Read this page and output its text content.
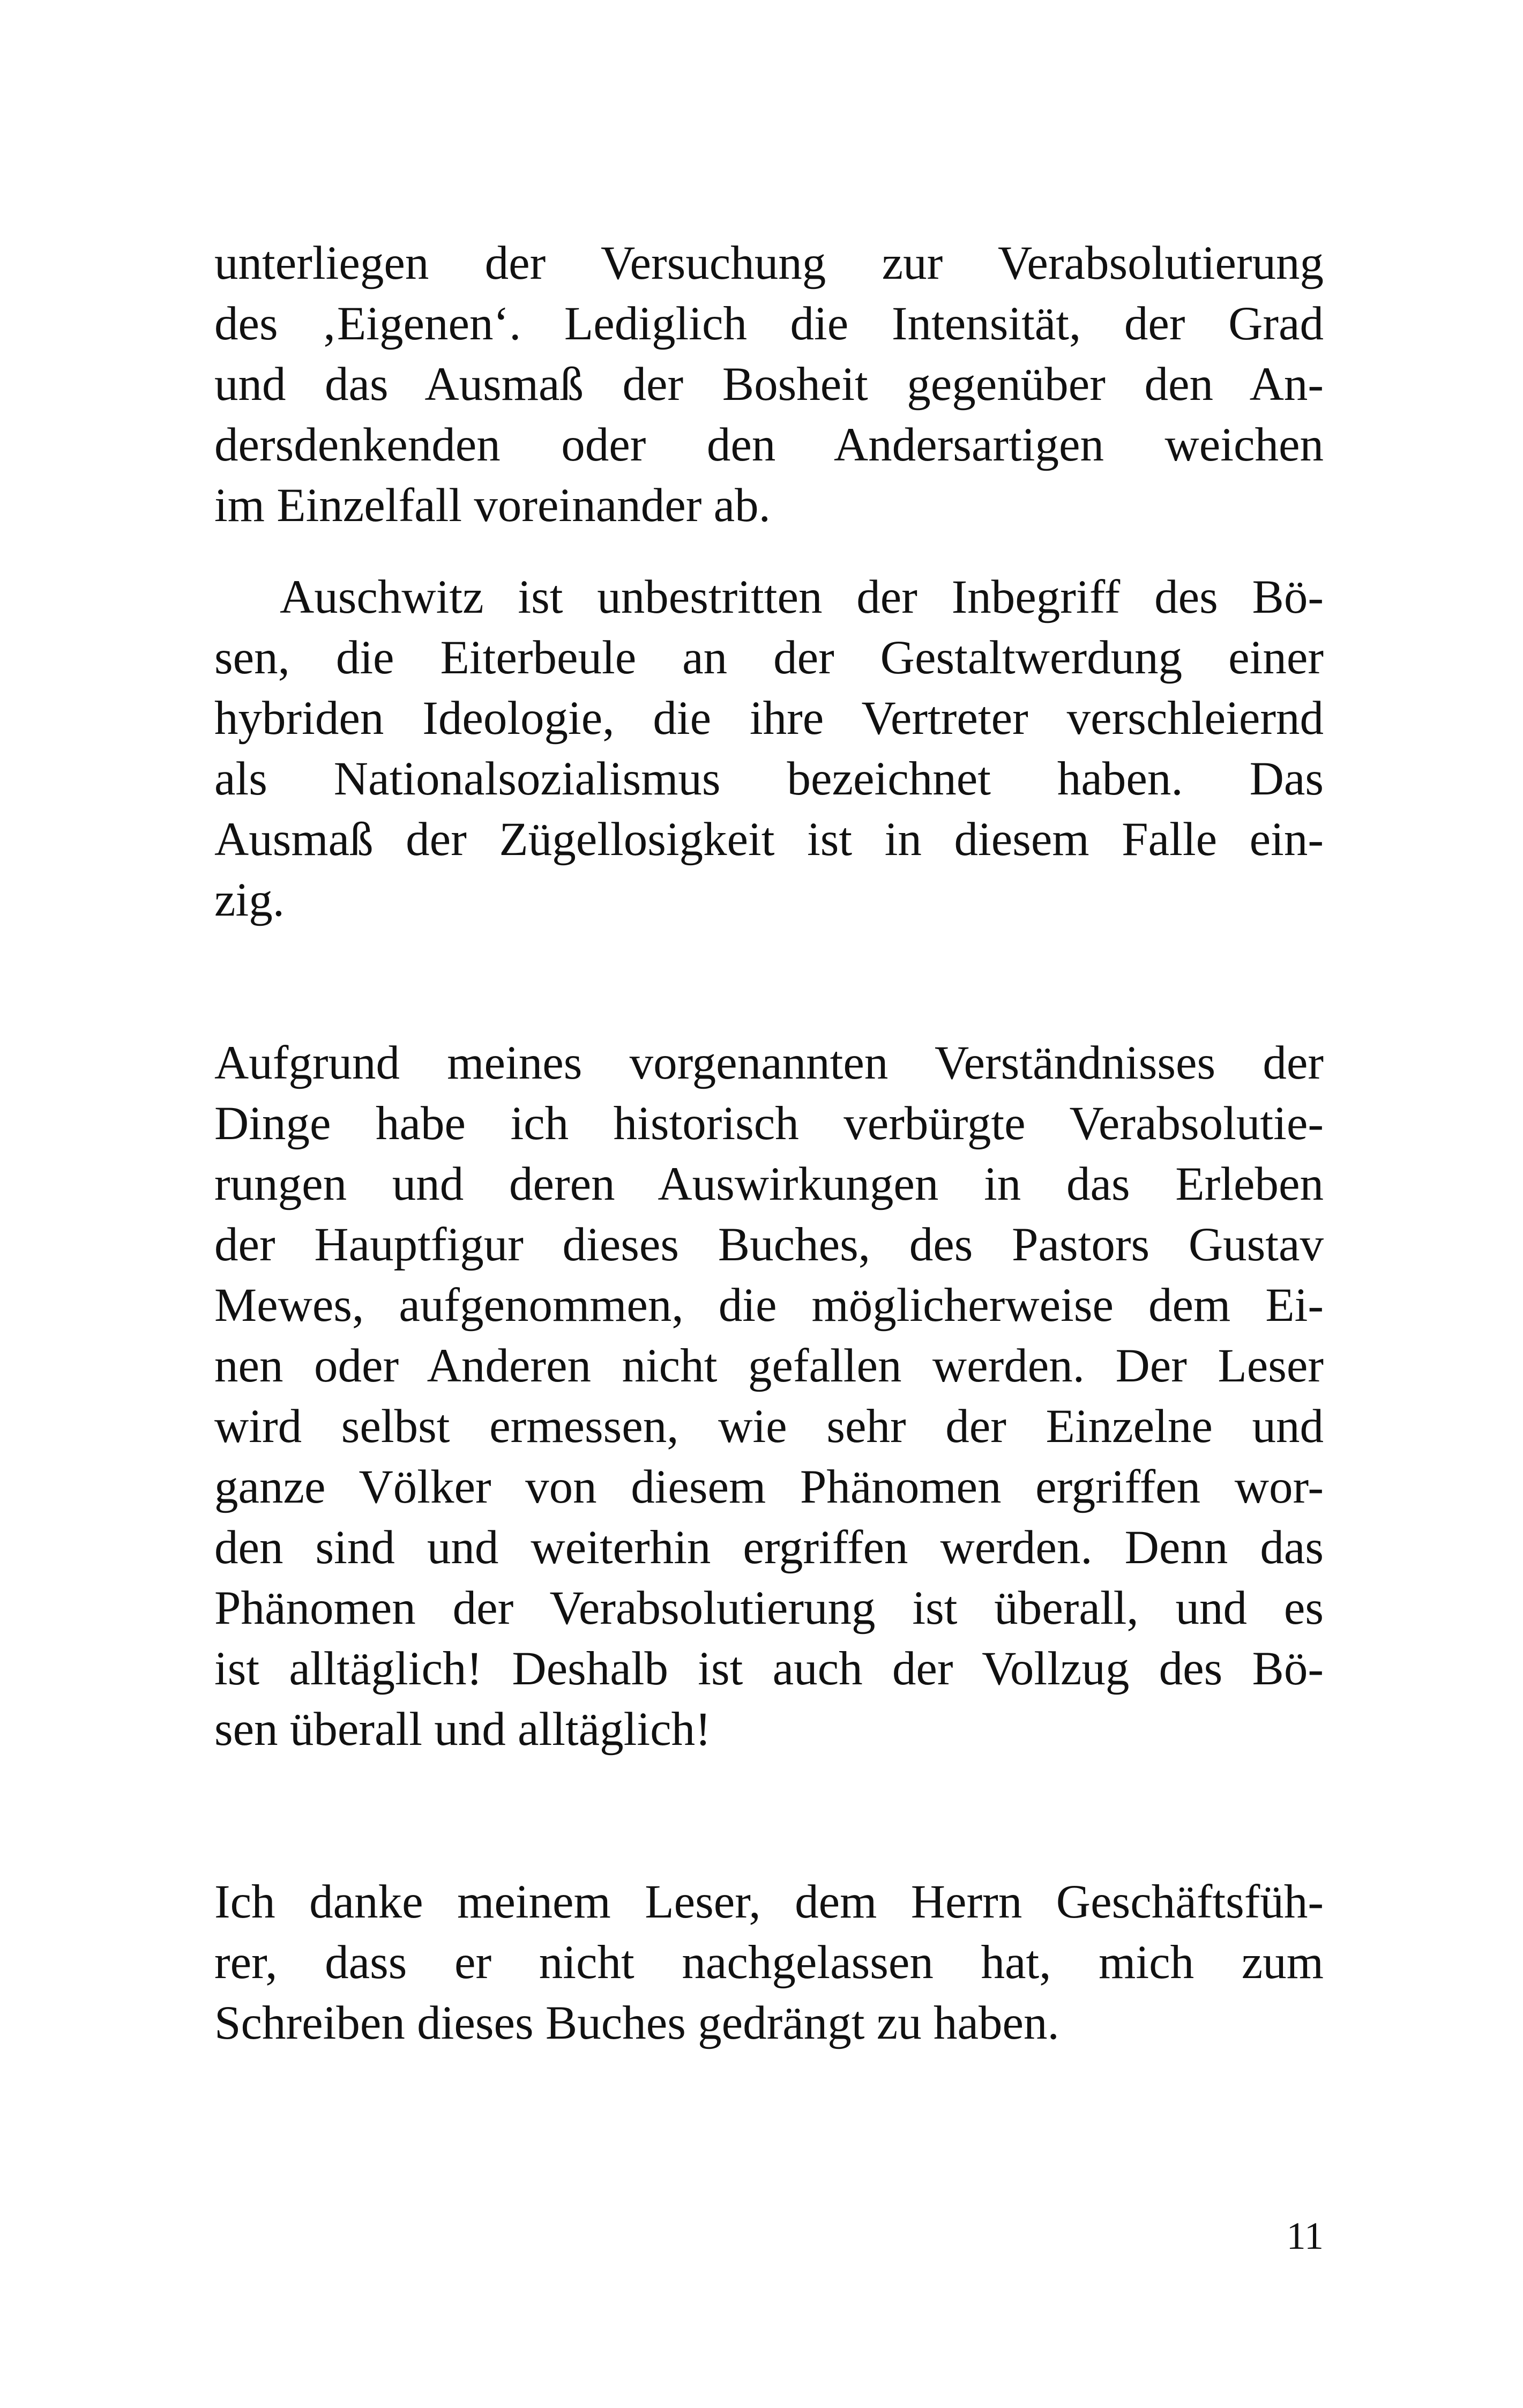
unterliegen der Versuchung zur Verabsolutierung
des ‚Eigenen‘. Lediglich die Intensität, der Grad
und das Ausmaß der Bosheit gegenüber den An-
dersdenkenden oder den Andersartigen weichen
im Einzelfall voreinander ab.
Auschwitz ist unbestritten der Inbegriff des Bö-
sen, die Eiterbeule an der Gestaltwerdung einer
hybriden Ideologie, die ihre Vertreter verschleiernd
als Nationalsozialismus bezeichnet haben. Das
Ausmaß der Zügellosigkeit ist in diesem Falle ein-
zig.
Aufgrund meines vorgenannten Verständnisses der
Dinge habe ich historisch verbürgte Verabsolutie-
rungen und deren Auswirkungen in das Erleben
der Hauptfigur dieses Buches, des Pastors Gustav
Mewes, aufgenommen, die möglicherweise dem Ei-
nen oder Anderen nicht gefallen werden. Der Leser
wird selbst ermessen, wie sehr der Einzelne und
ganze Völker von diesem Phänomen ergriffen wor-
den sind und weiterhin ergriffen werden. Denn das
Phänomen der Verabsolutierung ist überall, und es
ist alltäglich! Deshalb ist auch der Vollzug des Bö-
sen überall und alltäglich!
Ich danke meinem Leser, dem Herrn Geschäftsfüh-
rer, dass er nicht nachgelassen hat, mich zum
Schreiben dieses Buches gedrängt zu haben.
11
